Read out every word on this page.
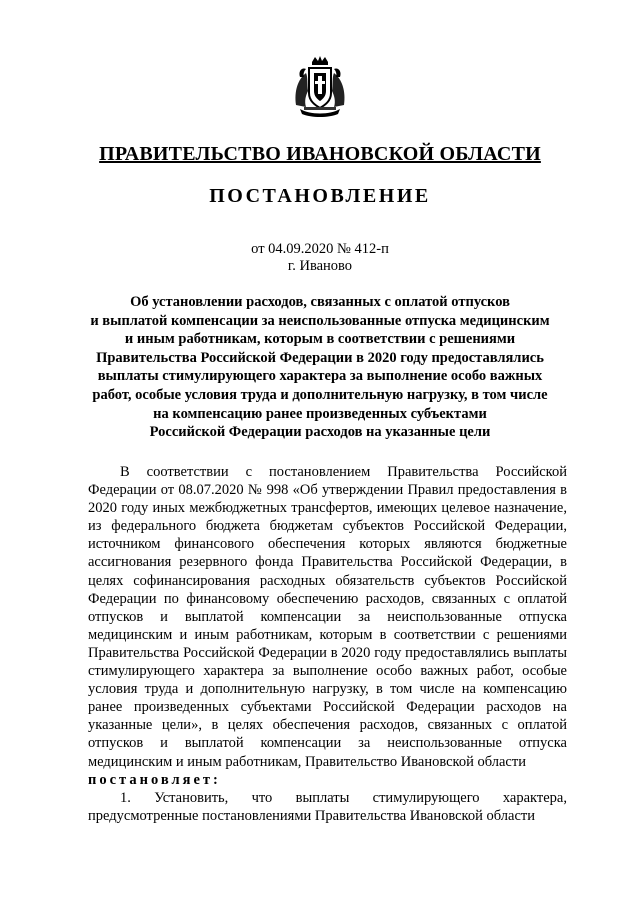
ПРАВИТЕЛЬСТВО ИВАНОВСКОЙ ОБЛАСТИ
ПОСТАНОВЛЕНИЕ
от 04.09.2020 № 412-п
г. Иваново
Об установлении расходов, связанных с оплатой отпусков
и выплатой компенсации за неиспользованные отпуска медицинским
и иным работникам, которым в соответствии с решениями
Правительства Российской Федерации в 2020 году предоставлялись
выплаты стимулирующего характера за выполнение особо важных
работ, особые условия труда и дополнительную нагрузку, в том числе
на компенсацию ранее произведенных субъектами
Российской Федерации расходов на указанные цели

В соответствии с постановлением Правительства Российской Федерации от 08.07.2020 № 998 «Об утверждении Правил предоставления в 2020 году иных межбюджетных трансфертов, имеющих целевое назначение, из федерального бюджета бюджетам субъектов Российской Федерации, источником финансового обеспечения которых являются бюджетные ассигнования резервного фонда Правительства Российской Федерации, в целях софинансирования расходных обязательств субъектов Российской Федерации по финансовому обеспечению расходов, связанных с оплатой отпусков и выплатой компенсации за неиспользованные отпуска медицинским и иным работникам, которым в соответствии с решениями Правительства Российской Федерации в 2020 году предоставлялись выплаты стимулирующего характера за выполнение особо важных работ, особые условия труда и дополнительную нагрузку, в том числе на компенсацию ранее произведенных субъектами Российской Федерации расходов на указанные цели», в целях обеспечения расходов, связанных с оплатой отпусков и выплатой компенсации за неиспользованные отпуска медицинским и иным работникам, Правительство Ивановской области

постановляет:

1. Установить, что выплаты стимулирующего характера, предусмотренные постановлениями Правительства Ивановской области
